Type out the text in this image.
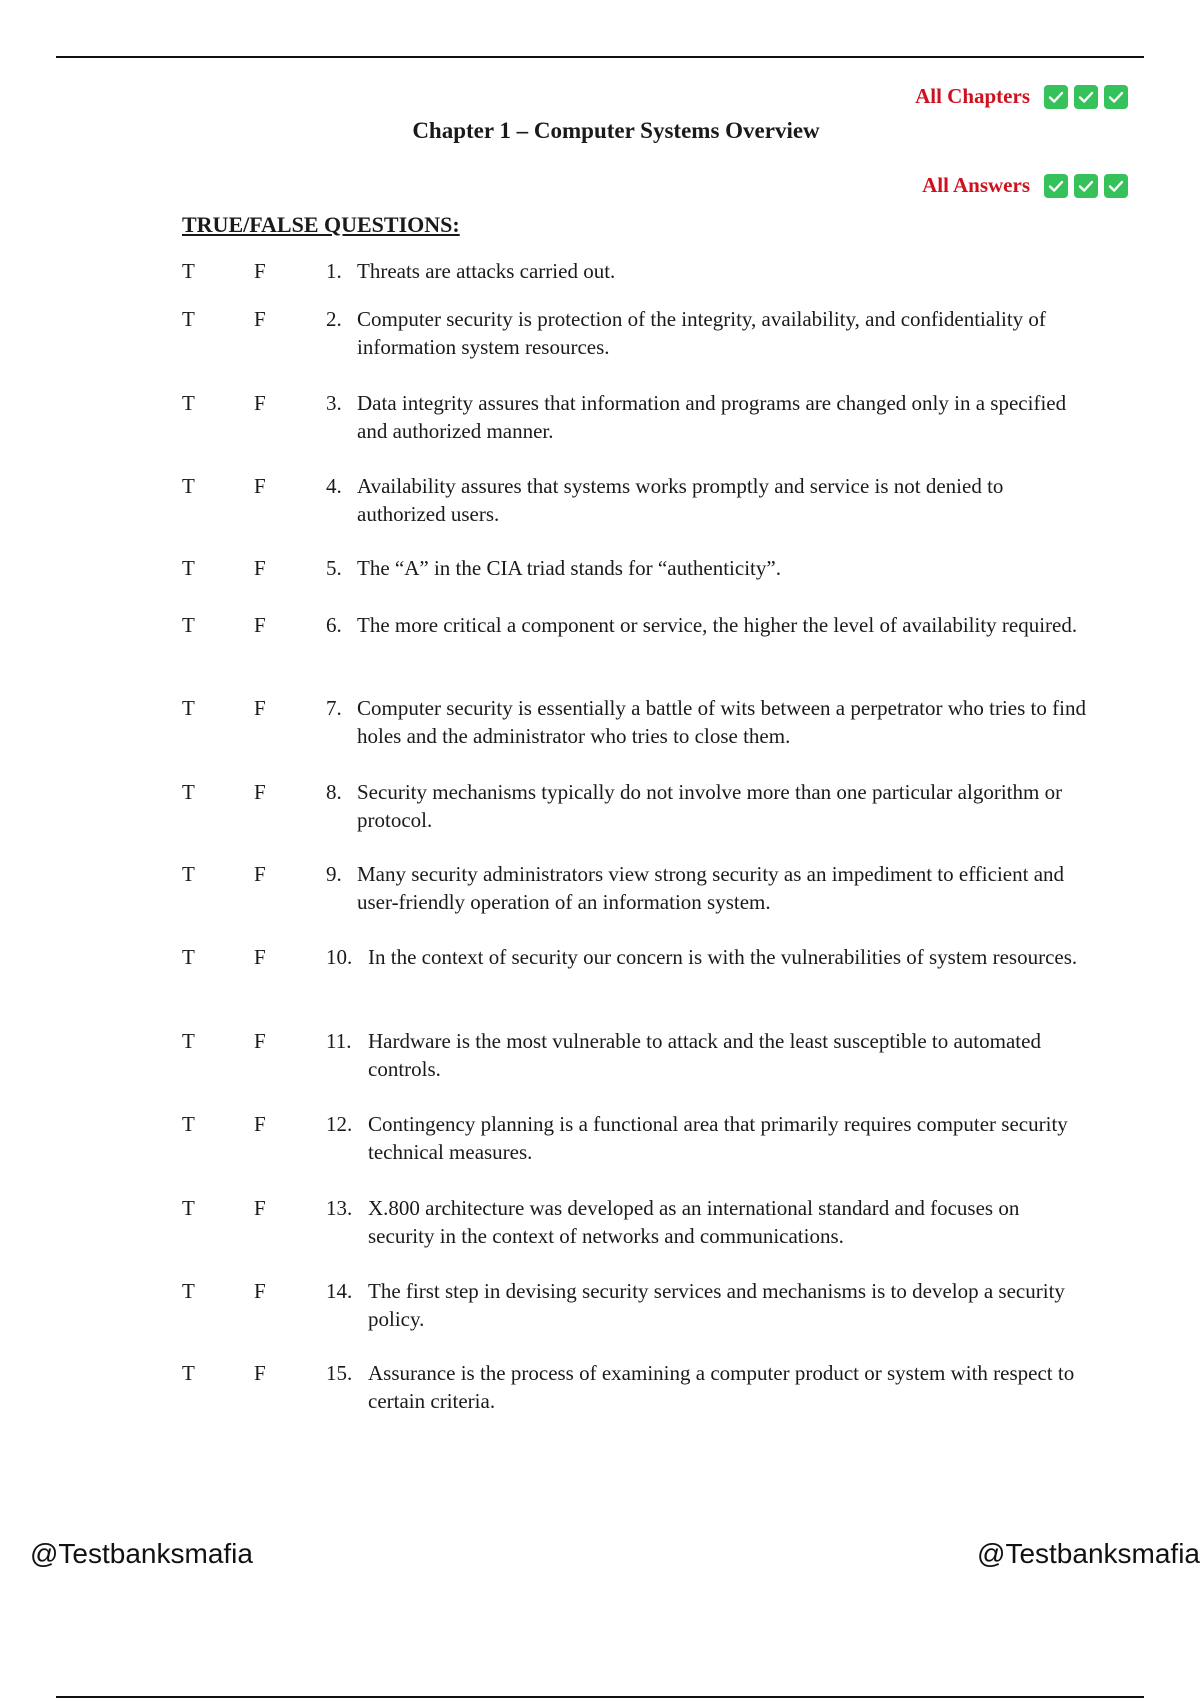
All Chapters
Chapter 1 – Computer Systems Overview
All Answers
TRUE/FALSE QUESTIONS:
T	F	1. Threats are attacks carried out.
T	F	2. Computer security is protection of the integrity, availability, and confidentiality of information system resources.
T	F	3. Data integrity assures that information and programs are changed only in a specified and authorized manner.
T	F	4. Availability assures that systems works promptly and service is not denied to authorized users.
T	F	5. The “A” in the CIA triad stands for “authenticity”.
T	F	6. The more critical a component or service, the higher the level of availability required.
T	F	7. Computer security is essentially a battle of wits between a perpetrator who tries to find holes and the administrator who tries to close them.
T	F	8. Security mechanisms typically do not involve more than one particular algorithm or protocol.
T	F	9. Many security administrators view strong security as an impediment to efficient and user-friendly operation of an information system.
T	F	10. In the context of security our concern is with the vulnerabilities of system resources.
T	F	11. Hardware is the most vulnerable to attack and the least susceptible to automated controls.
T	F	12. Contingency planning is a functional area that primarily requires computer security technical measures.
T	F	13. X.800 architecture was developed as an international standard and focuses on security in the context of networks and communications.
T	F	14. The first step in devising security services and mechanisms is to develop a security policy.
T	F	15. Assurance is the process of examining a computer product or system with respect to certain criteria.
@Testbanksmafia	@Testbanksmafia
